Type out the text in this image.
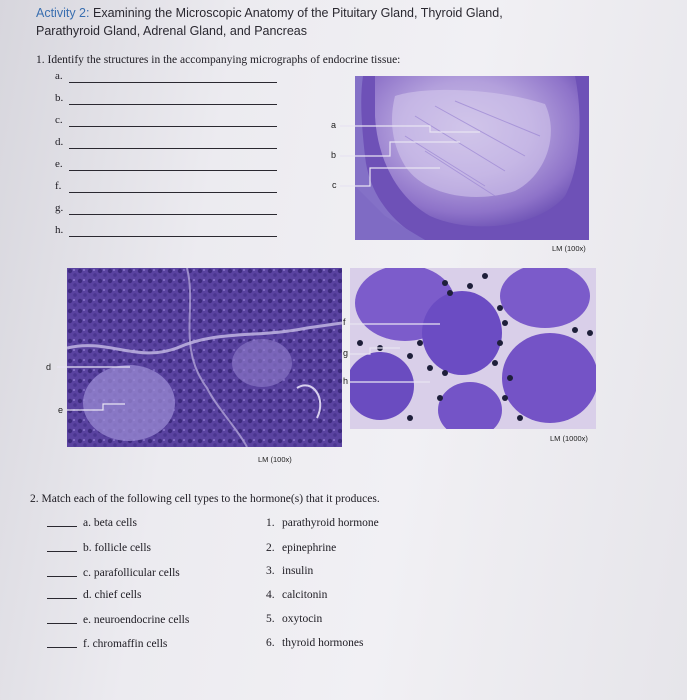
Activity 2: Examining the Microscopic Anatomy of the Pituitary Gland, Thyroid Gland,
Parathyroid Gland, Adrenal Gland, and Pancreas
1. Identify the structures in the accompanying micrographs of endocrine tissue:
a.
b.
c.
d.
e.
f.
g.
h.
a
b
c
LM (100x)
d
e
LM (100x)
f
g
h
LM (1000x)
2. Match each of the following cell types to the hormone(s) that it produces.
a. beta cells
b. follicle cells
c. parafollicular cells
d. chief cells
e. neuroendocrine cells
f. chromaffin cells
1. parathyroid hormone
2. epinephrine
3. insulin
4. calcitonin
5. oxytocin
6. thyroid hormones
